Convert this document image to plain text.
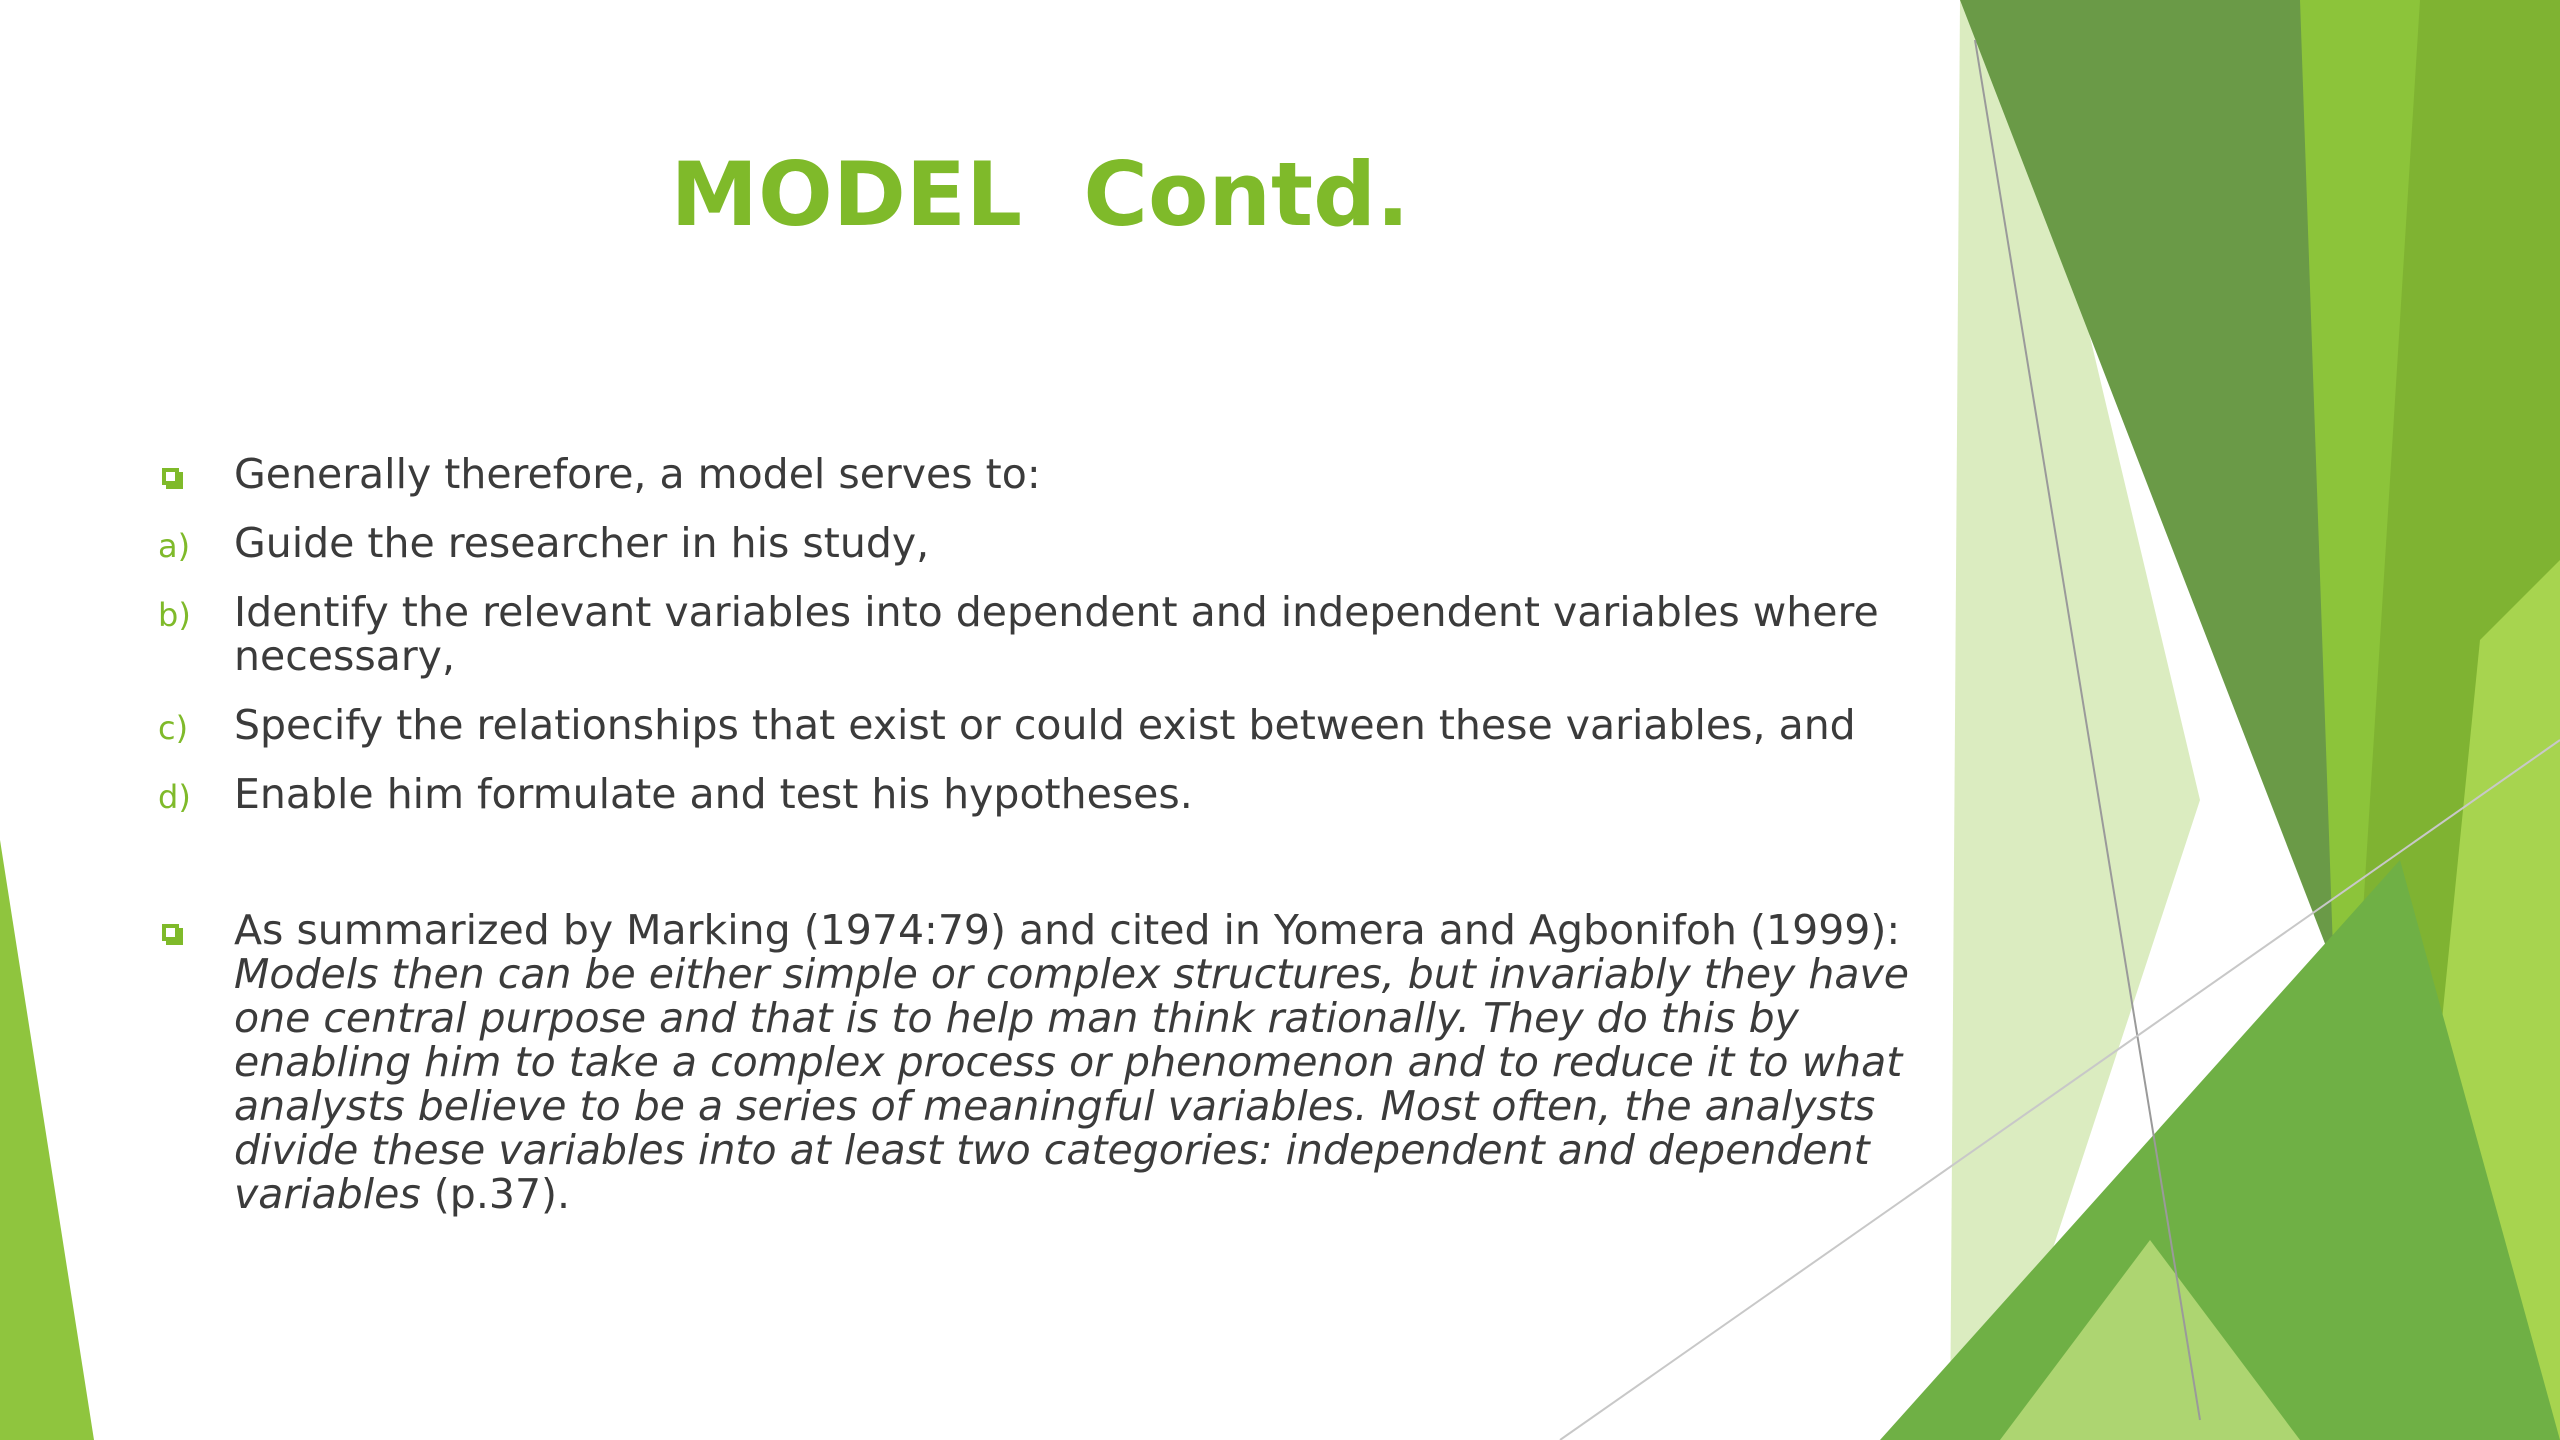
MODEL  Contd.
Generally therefore, a model serves to:
a)	Guide the researcher in his study,
b)	Identify the relevant variables into dependent and independent variables where necessary,
c)	Specify the relationships that exist or could exist between these variables, and
d)	Enable him formulate and test his hypotheses.
As summarized by Marking (1974:79) and cited in Yomera and Agbonifoh (1999): Models then can be either simple or complex structures, but invariably they have one central purpose and that is to help man think rationally. They do this by enabling him to take a complex process or phenomenon and to reduce it to what analysts believe to be a series of meaningful variables. Most often, the analysts divide these variables into at least two categories: independent and dependent variables (p.37).
